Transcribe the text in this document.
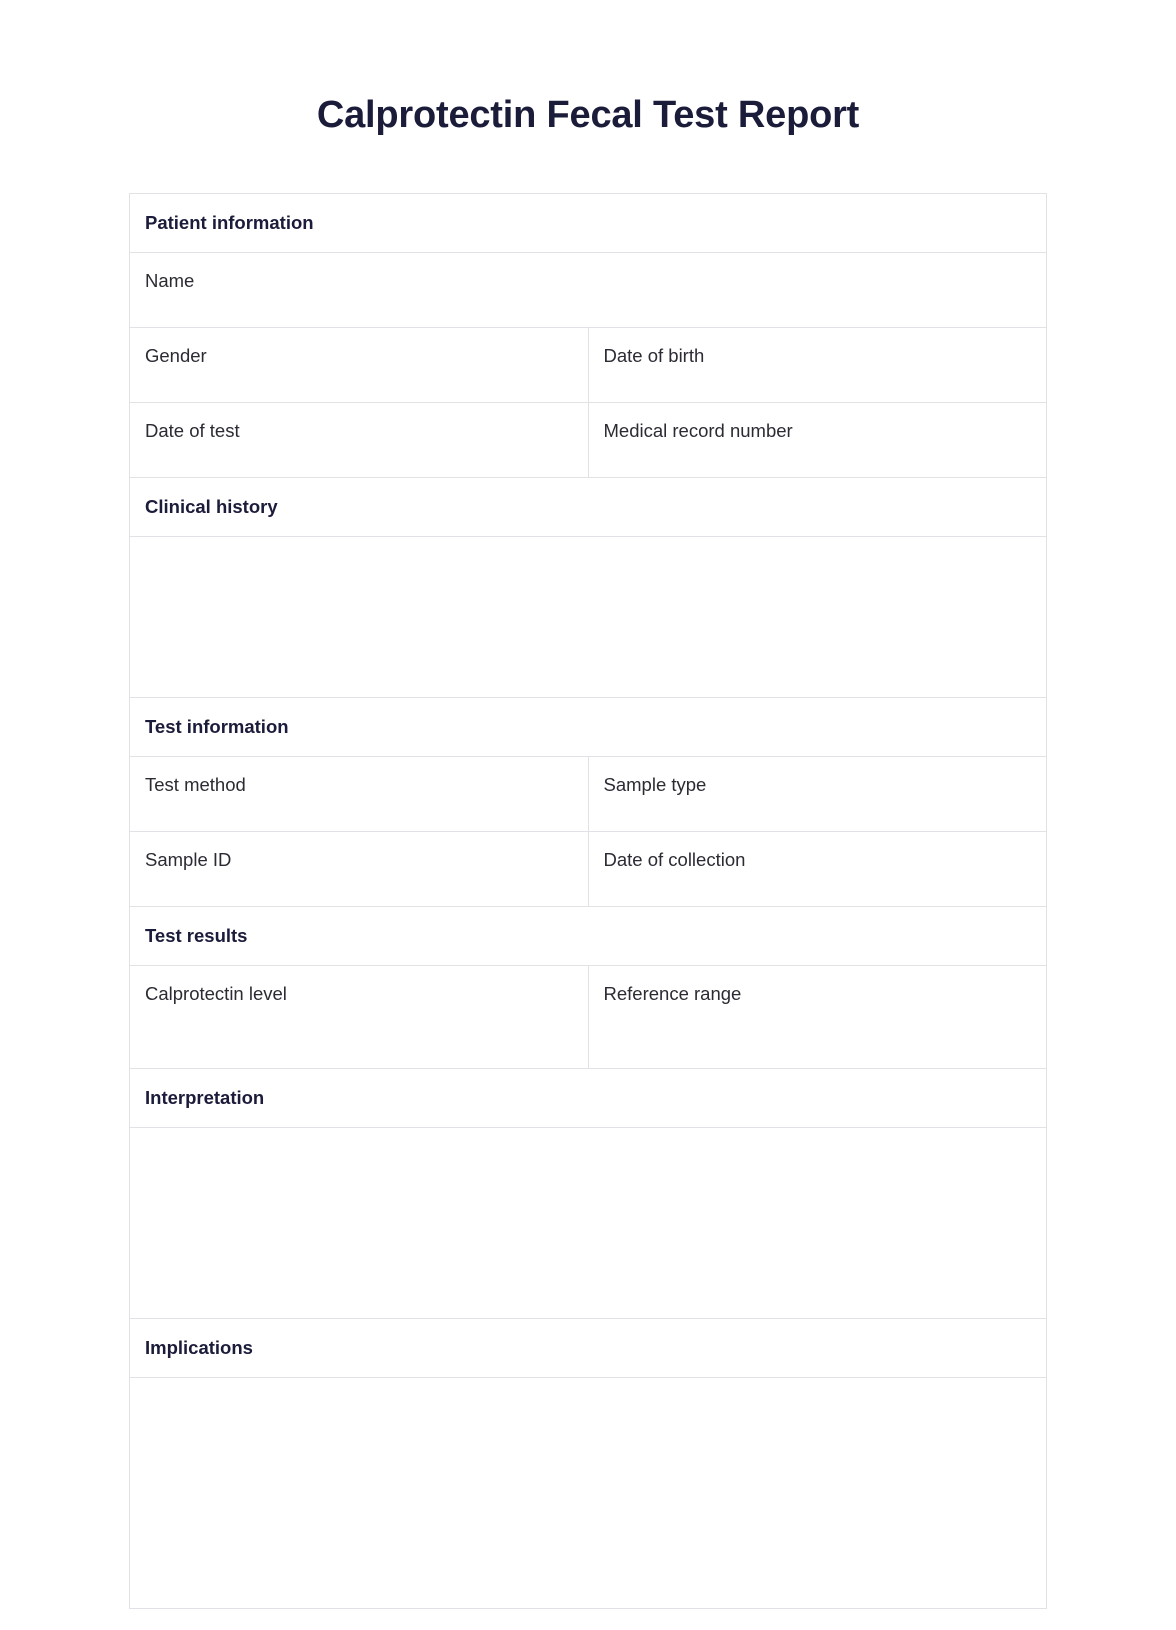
Calprotectin Fecal Test Report
Patient information	
Name	
Gender	Date of birth
Date of test	Medical record number
Clinical history	

Test information	
Test method	Sample type
Sample ID	Date of collection
Test results	
Calprotectin level	Reference range
Interpretation	

Implications	
